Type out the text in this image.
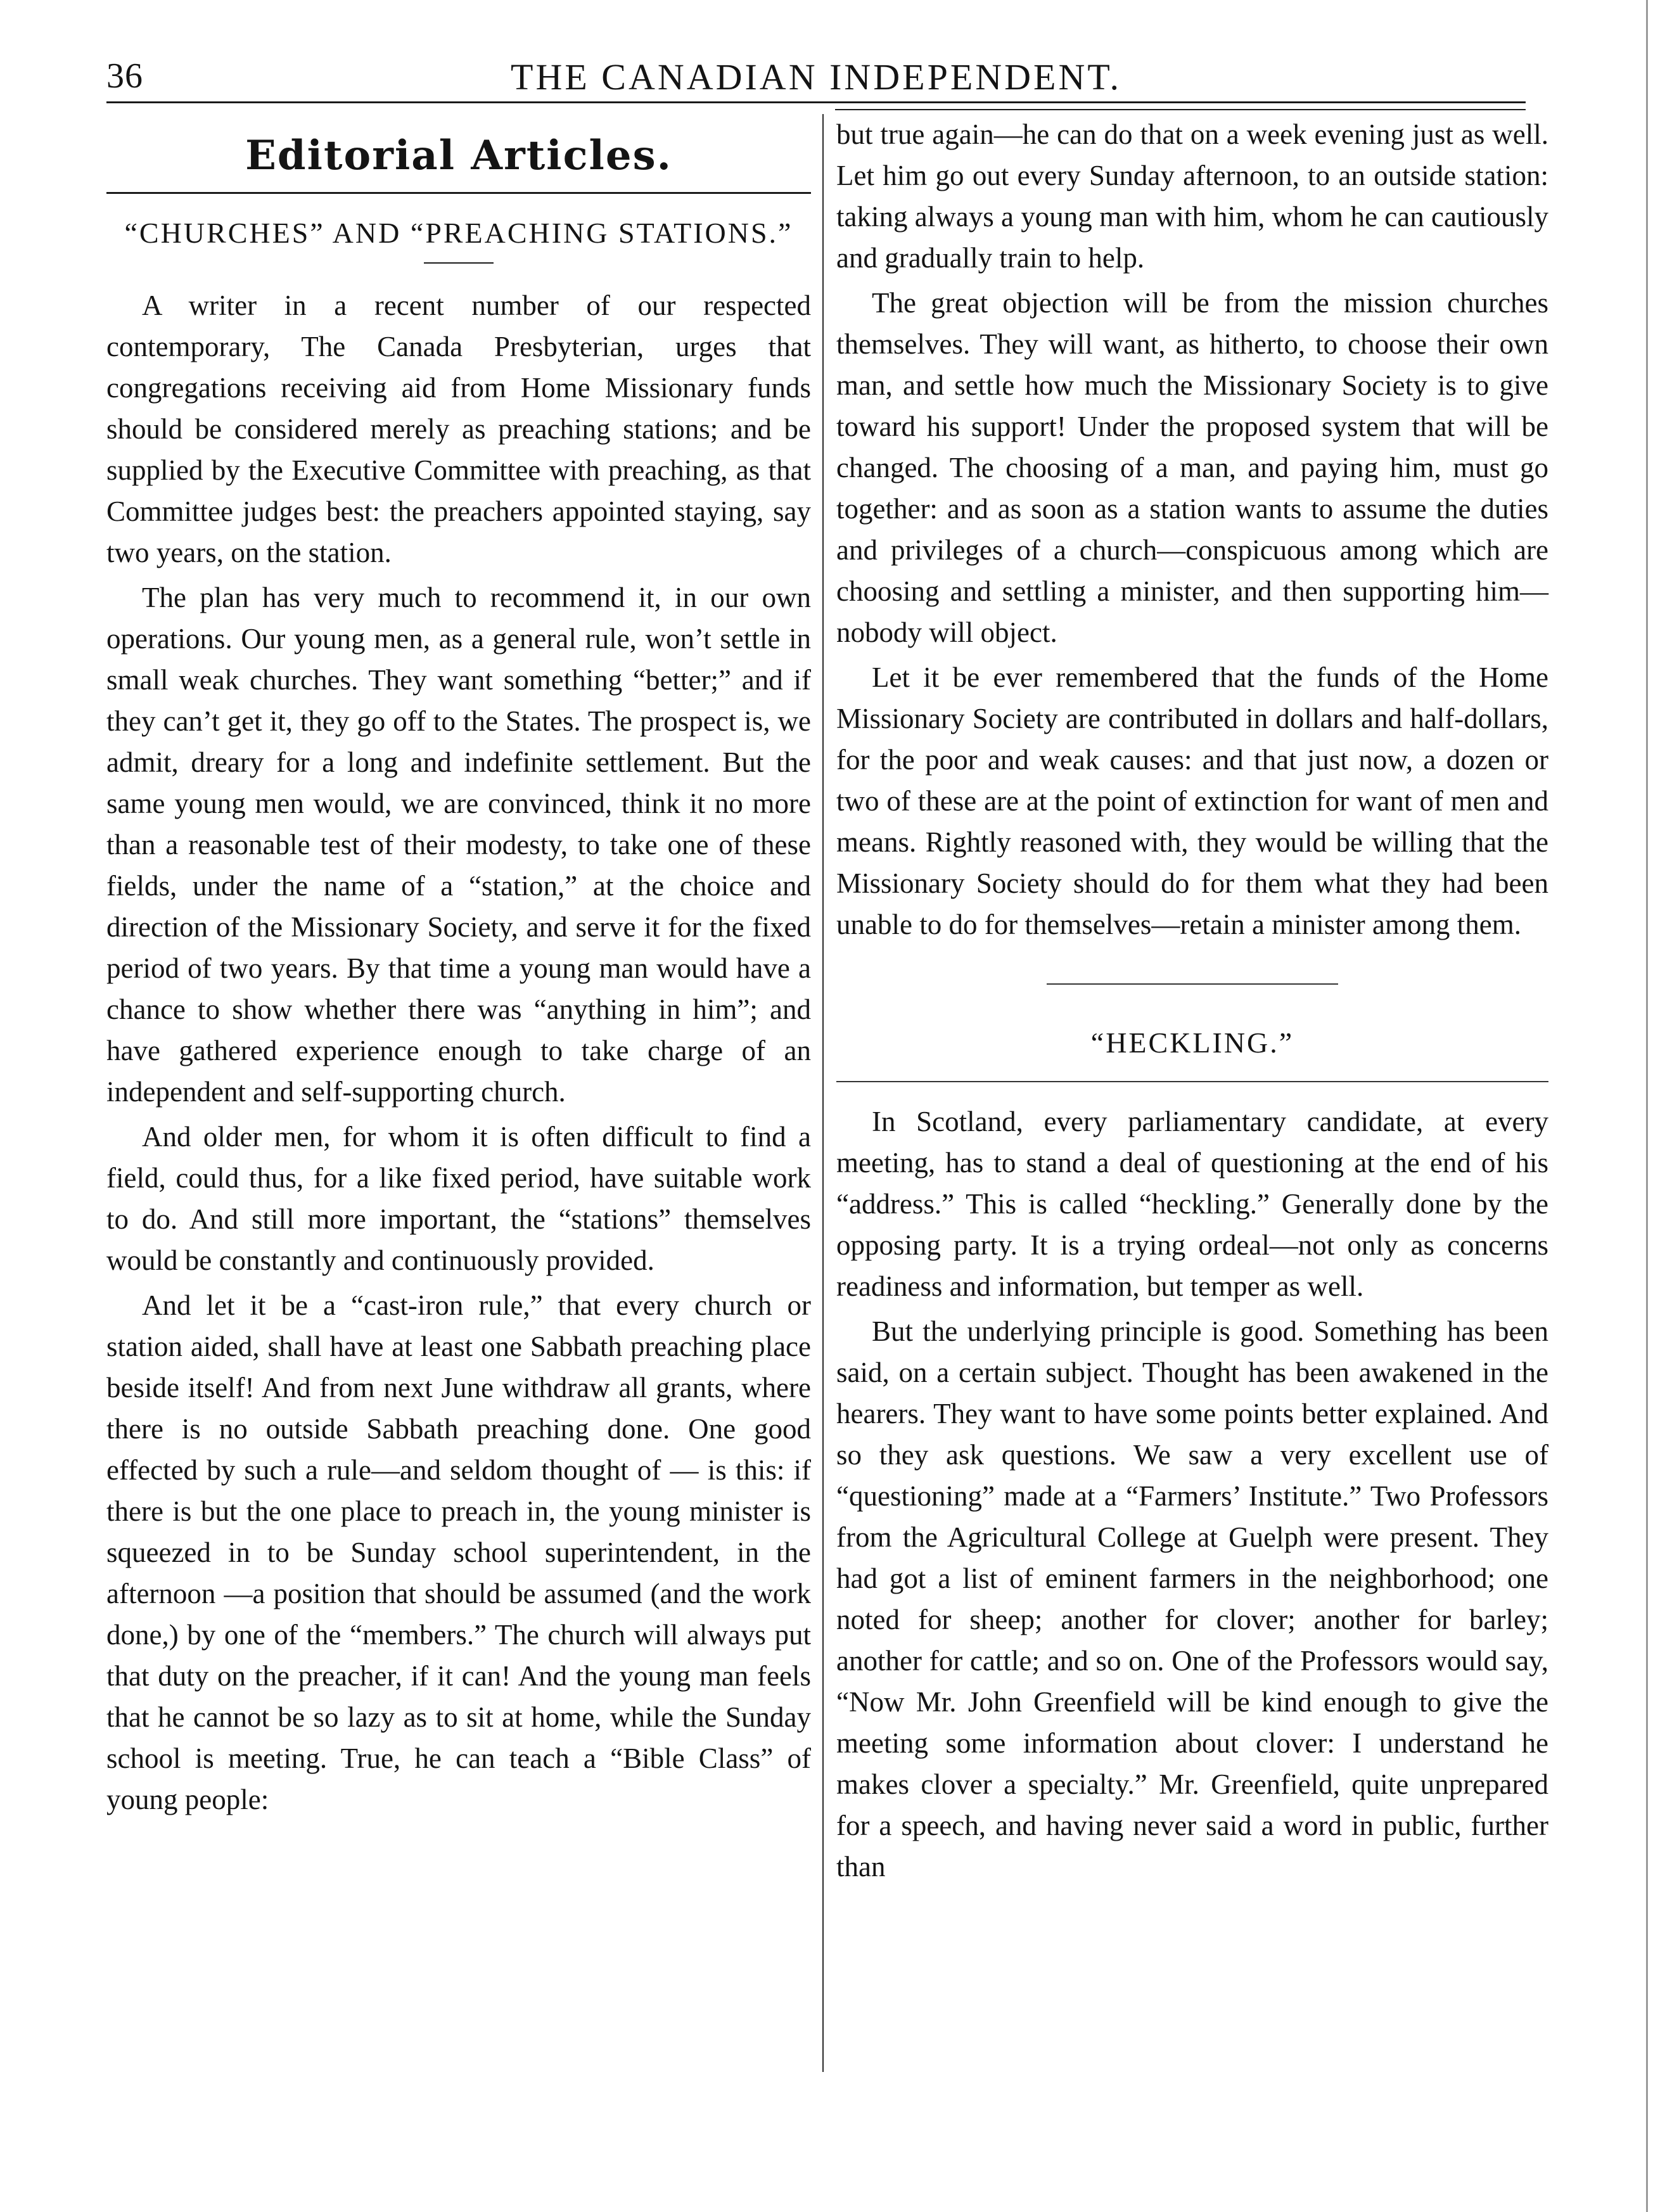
36	THE CANADIAN INDEPENDENT.
Editorial Articles.
“CHURCHES” AND “PREACHING STATIONS.”

A writer in a recent number of our respected contemporary, The Canada Presbyterian, urges that congregations receiving aid from Home Missionary funds should be considered merely as preaching stations; and be supplied by the Executive Committee with preaching, as that Committee judges best: the preachers appointed staying, say two years, on the station.

The plan has very much to recommend it, in our own operations. Our young men, as a general rule, won’t settle in small weak churches. They want something “better;” and if they can’t get it, they go off to the States. The prospect is, we admit, dreary for a long and indefinite settlement. But the same young men would, we are convinced, think it no more than a reasonable test of their modesty, to take one of these fields, under the name of a “station,” at the choice and direction of the Missionary Society, and serve it for the fixed period of two years. By that time a young man would have a chance to show whether there was “anything in him”; and have gathered experience enough to take charge of an independent and self-supporting church.

And older men, for whom it is often difficult to find a field, could thus, for a like fixed period, have suitable work to do. And still more important, the “stations” themselves would be constantly and continuously provided.

And let it be a “cast-iron rule,” that every church or station aided, shall have at least one Sabbath preaching place beside itself! And from next June withdraw all grants, where there is no outside Sabbath preaching done. One good effected by such a rule—and seldom thought of — is this: if there is but the one place to preach in, the young minister is squeezed in to be Sunday school superintendent, in the afternoon —a position that should be assumed (and the work done,) by one of the “members.” The church will always put that duty on the preacher, if it can! And the young man feels that he cannot be so lazy as to sit at home, while the Sunday school is meeting. True, he can teach a “Bible Class” of young people:

but true again—he can do that on a week evening just as well. Let him go out every Sunday afternoon, to an outside station: taking always a young man with him, whom he can cautiously and gradually train to help.

The great objection will be from the mission churches themselves. They will want, as hitherto, to choose their own man, and settle how much the Missionary Society is to give toward his support! Under the proposed system that will be changed. The choosing of a man, and paying him, must go together: and as soon as a station wants to assume the duties and privileges of a church—conspicuous among which are choosing and settling a minister, and then supporting him—nobody will object.

Let it be ever remembered that the funds of the Home Missionary Society are contributed in dollars and half-dollars, for the poor and weak causes: and that just now, a dozen or two of these are at the point of extinction for want of men and means. Rightly reasoned with, they would be willing that the Missionary Society should do for them what they had been unable to do for themselves—retain a minister among them.

“HECKLING.”

In Scotland, every parliamentary candidate, at every meeting, has to stand a deal of questioning at the end of his “address.” This is called “heckling.” Generally done by the opposing party. It is a trying ordeal—not only as concerns readiness and information, but temper as well.

But the underlying principle is good. Something has been said, on a certain subject. Thought has been awakened in the hearers. They want to have some points better explained. And so they ask questions. We saw a very excellent use of “questioning” made at a “Farmers’ Institute.” Two Professors from the Agricultural College at Guelph were present. They had got a list of eminent farmers in the neighborhood; one noted for sheep; another for clover; another for barley; another for cattle; and so on. One of the Professors would say, “Now Mr. John Greenfield will be kind enough to give the meeting some information about clover: I understand he makes clover a specialty.” Mr. Greenfield, quite unprepared for a speech, and having never said a word in public, further than
